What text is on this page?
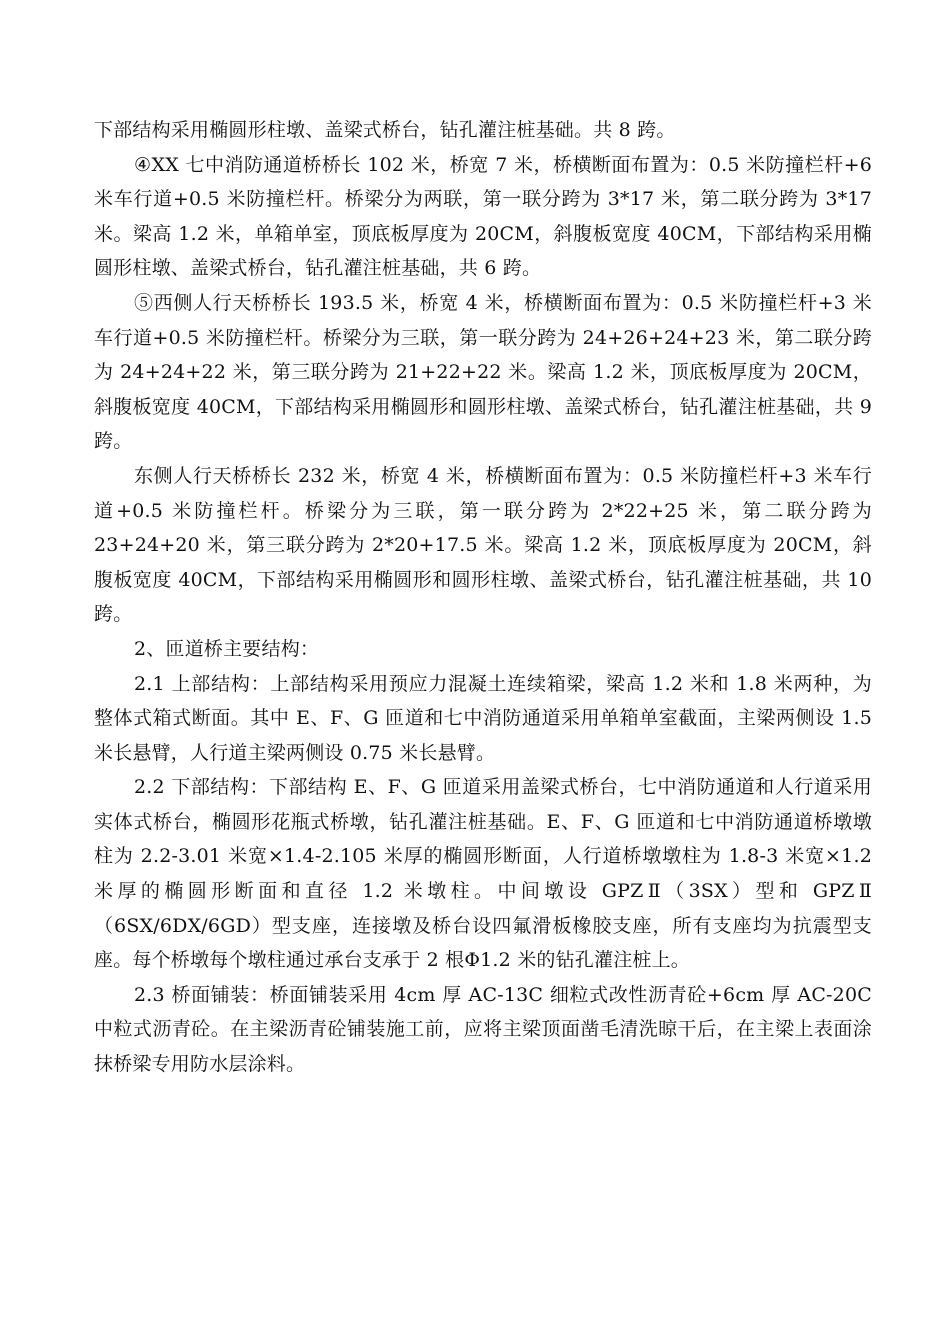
下部结构采用椭圆形柱墩、盖梁式桥台，钻孔灌注桩基础。共 8 跨。

④XX 七中消防通道桥桥长 102 米，桥宽 7 米，桥横断面布置为：0.5 米防撞栏杆+6 米车行道+0.5 米防撞栏杆。桥梁分为两联，第一联分跨为 3*17 米，第二联分跨为 3*17 米。梁高 1.2 米，单箱单室，顶底板厚度为 20CM，斜腹板宽度 40CM，下部结构采用椭圆形柱墩、盖梁式桥台，钻孔灌注桩基础，共 6 跨。

⑤西侧人行天桥桥长 193.5 米，桥宽 4 米，桥横断面布置为：0.5 米防撞栏杆+3 米车行道+0.5 米防撞栏杆。桥梁分为三联，第一联分跨为 24+26+24+23 米，第二联分跨为 24+24+22 米，第三联分跨为 21+22+22 米。梁高 1.2 米，顶底板厚度为 20CM，斜腹板宽度 40CM，下部结构采用椭圆形和圆形柱墩、盖梁式桥台，钻孔灌注桩基础，共 9 跨。

东侧人行天桥桥长 232 米，桥宽 4 米，桥横断面布置为：0.5 米防撞栏杆+3 米车行道+0.5 米防撞栏杆。桥梁分为三联，第一联分跨为 2*22+25 米，第二联分跨为 23+24+20 米，第三联分跨为 2*20+17.5 米。梁高 1.2 米，顶底板厚度为 20CM，斜腹板宽度 40CM，下部结构采用椭圆形和圆形柱墩、盖梁式桥台，钻孔灌注桩基础，共 10 跨。

2、匝道桥主要结构：

2.1 上部结构：上部结构采用预应力混凝土连续箱梁，梁高 1.2 米和 1.8 米两种，为整体式箱式断面。其中 E、F、G 匝道和七中消防通道采用单箱单室截面，主梁两侧设 1.5 米长悬臂，人行道主梁两侧设 0.75 米长悬臂。

2.2 下部结构：下部结构 E、F、G 匝道采用盖梁式桥台，七中消防通道和人行道采用实体式桥台，椭圆形花瓶式桥墩，钻孔灌注桩基础。E、F、G 匝道和七中消防通道桥墩墩柱为 2.2-3.01 米宽×1.4-2.105 米厚的椭圆形断面，人行道桥墩墩柱为 1.8-3 米宽×1.2 米厚的椭圆形断面和直径 1.2 米墩柱。中间墩设 GPZⅡ（3SX）型和 GPZⅡ（6SX/6DX/6GD）型支座，连接墩及桥台设四氟滑板橡胶支座，所有支座均为抗震型支座。每个桥墩每个墩柱通过承台支承于 2 根Φ1.2 米的钻孔灌注桩上。

2.3 桥面铺装：桥面铺装采用 4cm 厚 AC-13C 细粒式改性沥青砼+6cm 厚 AC-20C 中粒式沥青砼。在主梁沥青砼铺装施工前，应将主梁顶面凿毛清洗晾干后，在主梁上表面涂抹桥梁专用防水层涂料。
